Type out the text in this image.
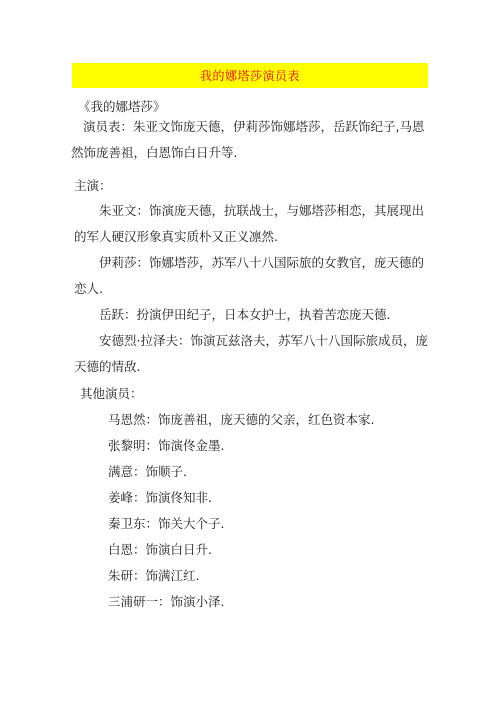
我的娜塔莎演员表
《我的娜塔莎》
演员表：朱亚文饰庞天德，伊莉莎饰娜塔莎，岳跃饰纪子,马恩然饰庞善祖，白恩饰白日升等.
主演：
朱亚文：饰演庞天德，抗联战士，与娜塔莎相恋，其展现出的军人硬汉形象真实质朴又正义凛然.
伊莉莎：饰娜塔莎，苏军八十八国际旅的女教官，庞天德的恋人.
岳跃：扮演伊田纪子，日本女护士，执着苦恋庞天德.
安德烈·拉泽夫：饰演瓦兹洛夫，苏军八十八国际旅成员，庞天德的情敌.
其他演员：
马恩然：饰庞善祖，庞天德的父亲，红色资本家.
张黎明：饰演佟金墨.
满意：饰顺子.
姜峰：饰演佟知非.
秦卫东：饰关大个子.
白恩：饰演白日升.
朱研：饰满江红.
三浦研一：饰演小泽.
